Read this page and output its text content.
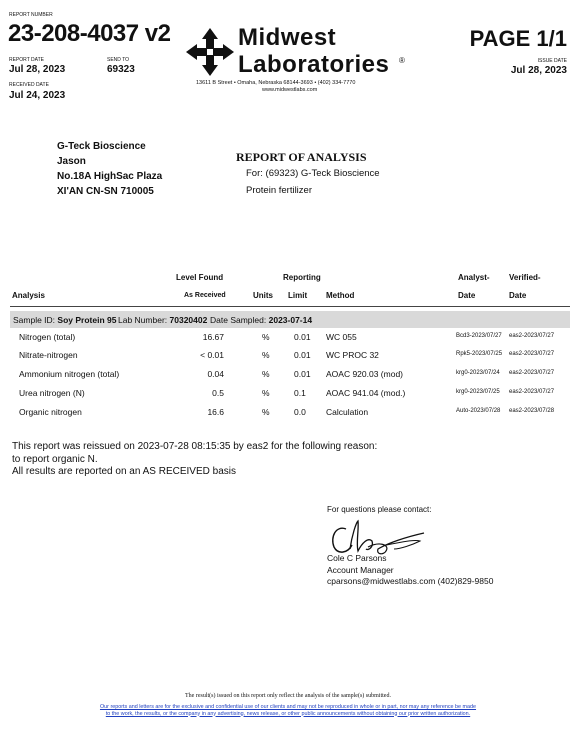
REPORT NUMBER
23-208-4037 v2
REPORT DATE
Jul 28, 2023
SEND TO
69323
RECEIVED DATE
Jul 24, 2023
Midwest
Laboratories ®
13611 B Street • Omaha, Nebraska 68144-3693 • (402) 334-7770
www.midwestlabs.com
PAGE 1/1
ISSUE DATE
Jul 28, 2023
G-Teck Bioscience
Jason
No.18A HighSac Plaza
XI'AN CN-SN 710005
REPORT OF ANALYSIS
For: (69323) G-Teck Bioscience
Protein fertilizer
Level Found	Reporting	Analyst- Verified-
Analysis	As Received	Units Limit Method	Date	Date
Sample ID: Soy Protein 95 Lab Number: 70320402 Date Sampled: 2023-07-14
Nitrogen (total)	16.67	%	0.01 WC 055	Bcd3-2023/07/27 eas2-2023/07/27
Nitrate-nitrogen	< 0.01	%	0.01 WC PROC 32	Rpk5-2023/07/25 eas2-2023/07/27
Ammonium nitrogen (total)	0.04	%	0.01 AOAC 920.03 (mod)	krg0-2023/07/24 eas2-2023/07/27
Urea nitrogen (N)	0.5	%	0.1 AOAC 941.04 (mod.)	krg0-2023/07/25 eas2-2023/07/27
Organic nitrogen	16.6	%	0.0 Calculation	Auto-2023/07/28 eas2-2023/07/28
This report was reissued on 2023-07-28 08:15:35 by eas2 for the following reason:
to report organic N.
All results are reported on an AS RECEIVED basis
For questions please contact:
Cole C Parsons
Account Manager
cparsons@midwestlabs.com (402)829-9850
The result(s) issued on this report only reflect the analysis of the sample(s) submitted.
Our reports and letters are for the exclusive and confidential use of our clients and may not be reproduced in whole or in part, nor may any reference be made
to the work, the results, or the company in any advertising, news release, or other public announcements without obtaining our prior written authorization.
